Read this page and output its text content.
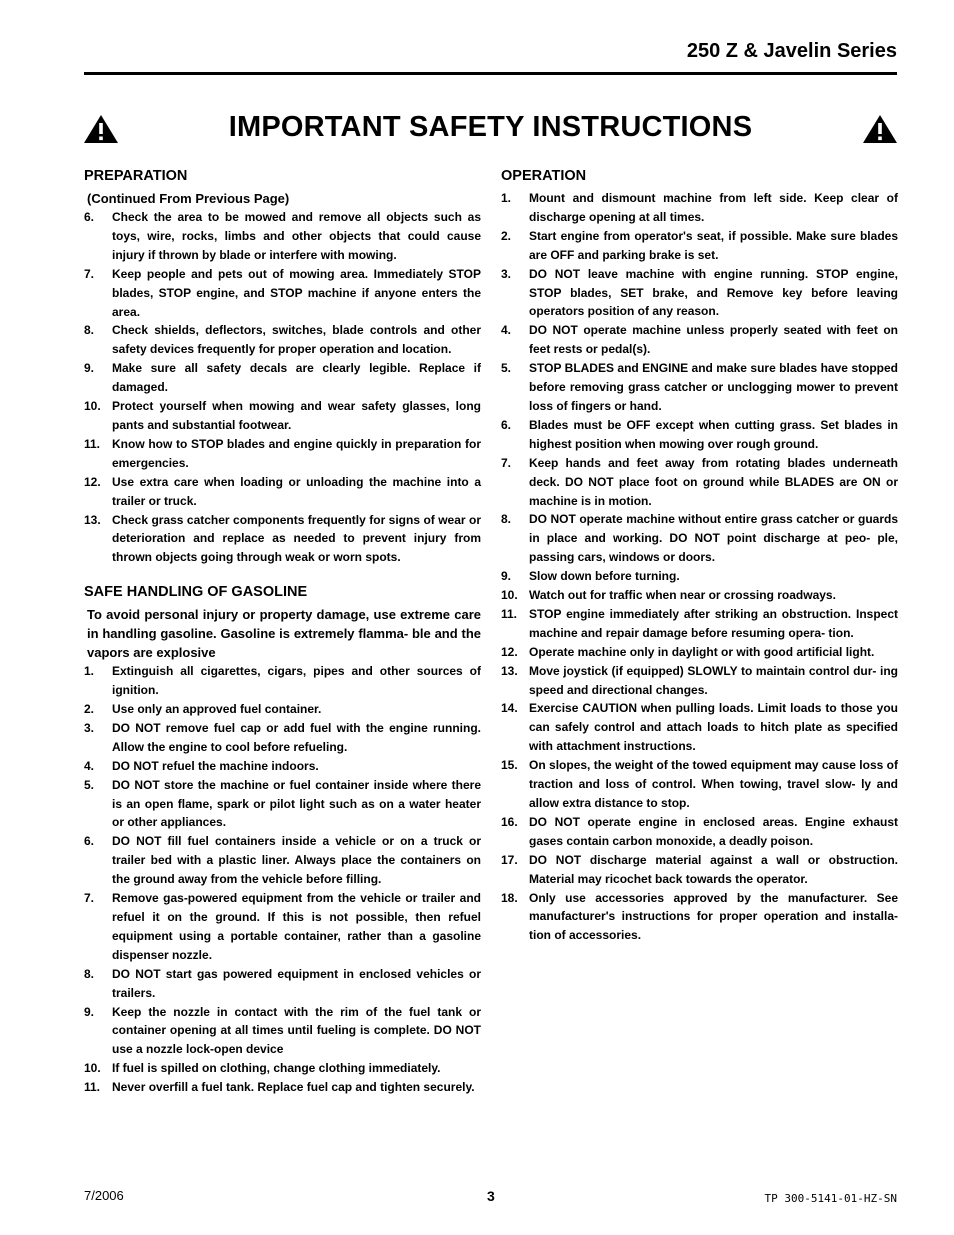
250 Z & Javelin Series
IMPORTANT SAFETY INSTRUCTIONS
PREPARATION
(Continued From Previous Page)
6. Check the area to be mowed and remove all objects such as toys, wire, rocks, limbs and other objects that could cause injury if thrown by blade or interfere with mowing.
7. Keep people and pets out of mowing area. Immediately STOP blades, STOP engine, and STOP machine if anyone enters the area.
8. Check shields, deflectors, switches, blade controls and other safety devices frequently for proper operation and location.
9. Make sure all safety decals are clearly legible. Replace if damaged.
10. Protect yourself when mowing and wear safety glasses, long pants and substantial footwear.
11. Know how to STOP blades and engine quickly in preparation for emergencies.
12. Use extra care when loading or unloading the machine into a trailer or truck.
13. Check grass catcher components frequently for signs of wear or deterioration and replace as needed to prevent injury from thrown objects going through weak or worn spots.
SAFE HANDLING OF GASOLINE
To avoid personal injury or property damage, use extreme care in handling gasoline. Gasoline is extremely flamma- ble and the vapors are explosive
1. Extinguish all cigarettes, cigars, pipes and other sources of ignition.
2. Use only an approved fuel container.
3. DO NOT remove fuel cap or add fuel with the engine running. Allow the engine to cool before refueling.
4. DO NOT refuel the machine indoors.
5. DO NOT store the machine or fuel container inside where there is an open flame, spark or pilot light such as on a water heater or other appliances.
6. DO NOT fill fuel containers inside a vehicle or on a truck or trailer bed with a plastic liner. Always place the containers on the ground away from the vehicle before filling.
7. Remove gas-powered equipment from the vehicle or trailer and refuel it on the ground. If this is not possible, then refuel equipment using a portable container, rather than a gasoline dispenser nozzle.
8. DO NOT start gas powered equipment in enclosed vehicles or trailers.
9. Keep the nozzle in contact with the rim of the fuel tank or container opening at all times until fueling is complete. DO NOT use a nozzle lock-open device
10. If fuel is spilled on clothing, change clothing immediately.
11. Never overfill a fuel tank. Replace fuel cap and tighten securely.
OPERATION
1. Mount and dismount machine from left side. Keep clear of discharge opening at all times.
2. Start engine from operator's seat, if possible. Make sure blades are OFF and parking brake is set.
3. DO NOT leave machine with engine running. STOP engine, STOP blades, SET brake, and Remove key before leaving operators position of any reason.
4. DO NOT operate machine unless properly seated with feet on feet rests or pedal(s).
5. STOP BLADES and ENGINE and make sure blades have stopped before removing grass catcher or unclogging mower to prevent loss of fingers or hand.
6. Blades must be OFF except when cutting grass. Set blades in highest position when mowing over rough ground.
7. Keep hands and feet away from rotating blades underneath deck. DO NOT place foot on ground while BLADES are ON or machine is in motion.
8. DO NOT operate machine without entire grass catcher or guards in place and working. DO NOT point discharge at peo- ple, passing cars, windows or doors.
9. Slow down before turning.
10. Watch out for traffic when near or crossing roadways.
11. STOP engine immediately after striking an obstruction. Inspect machine and repair damage before resuming opera- tion.
12. Operate machine only in daylight or with good artificial light.
13. Move joystick (if equipped) SLOWLY to maintain control dur- ing speed and directional changes.
14. Exercise CAUTION when pulling loads. Limit loads to those you can safely control and attach loads to hitch plate as specified with attachment instructions.
15. On slopes, the weight of the towed equipment may cause loss of traction and loss of control. When towing, travel slow- ly and allow extra distance to stop.
16. DO NOT operate engine in enclosed areas. Engine exhaust gases contain carbon monoxide, a deadly poison.
17. DO NOT discharge material against a wall or obstruction. Material may ricochet back towards the operator.
18. Only use accessories approved by the manufacturer. See manufacturer's instructions for proper operation and installa- tion of accessories.
7/2006	3	TP 300-5141-01-HZ-SN
